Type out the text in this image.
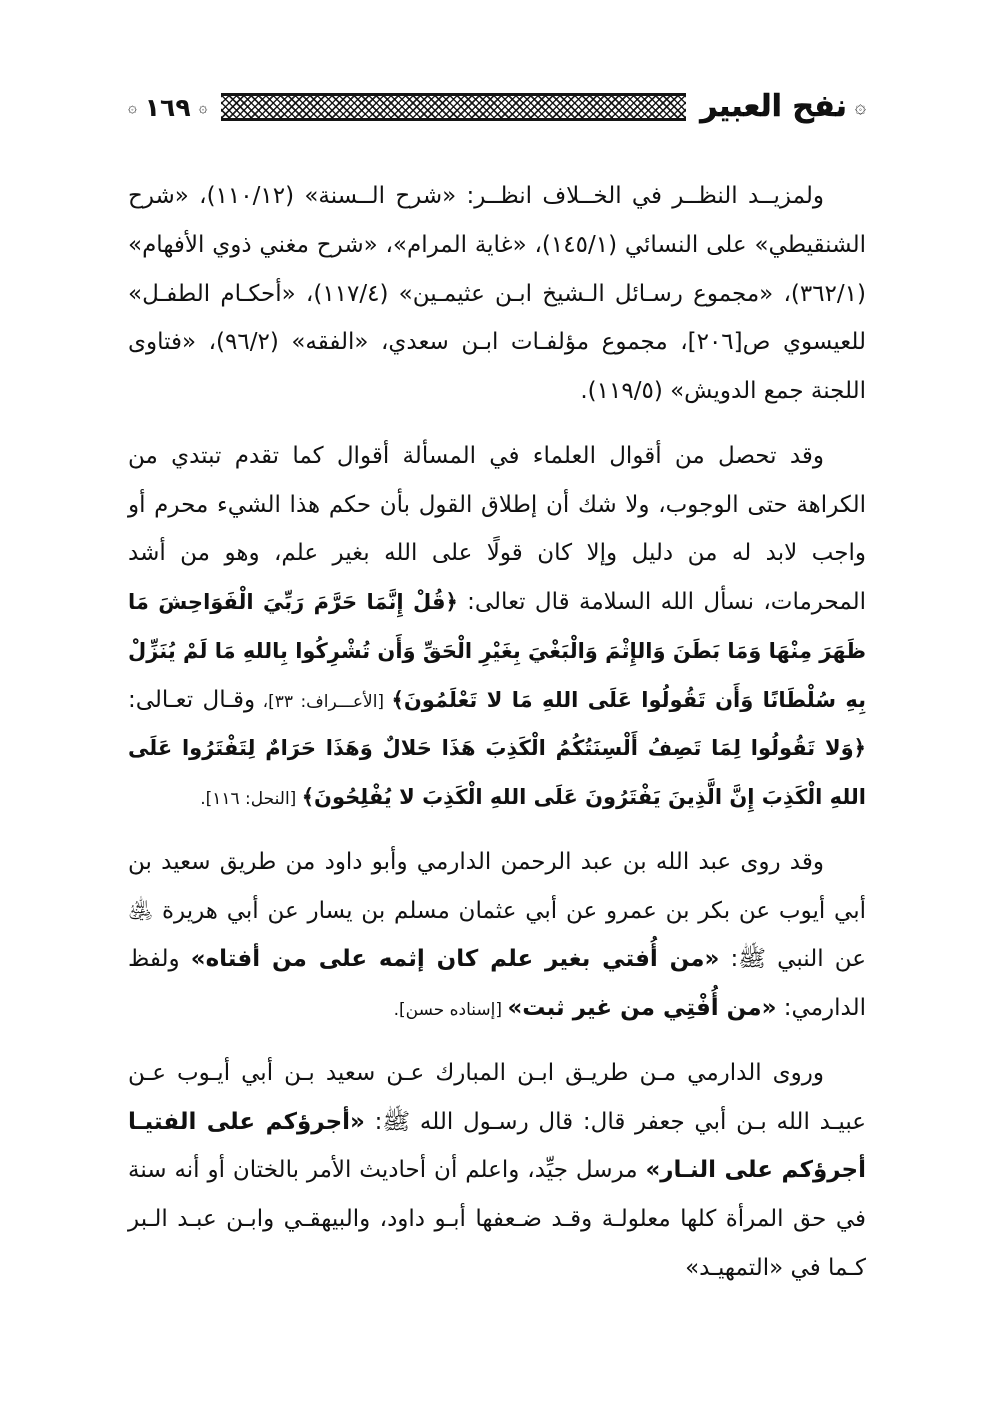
۞
نفح العبير
۞
١٦٩
۞

ولمزيــد النظــر في الخــلاف انظــر: «شرح الــسنة» (١١٠/١٢)، «شرح الشنقيطي» على النسائي (١٤٥/١)، «غاية المرام»، «شرح مغني ذوي الأفهام» (٣٦٢/١)، «مجموع رسـائل الـشيخ ابـن عثيمـين» (١١٧/٤)، «أحكـام الطفـل» للعيسوي ص[٢٠٦]، مجموع مؤلفـات ابـن سعدي، «الفقه» (٩٦/٢)، «فتاوى اللجنة جمع الدويش» (١١٩/٥).

وقد تحصل من أقوال العلماء في المسألة أقوال كما تقدم تبتدي من الكراهة حتى الوجوب، ولا شك أن إطلاق القول بأن حكم هذا الشيء محرم أو واجب لابد له من دليل وإلا كان قولًا على الله بغير علم، وهو من أشد المحرمات، نسأل الله السلامة قال تعالى: ﴿قُلْ إِنَّمَا حَرَّمَ رَبِّيَ الْفَوَاحِشَ مَا ظَهَرَ مِنْهَا وَمَا بَطَنَ وَالإِثْمَ وَالْبَغْيَ بِغَيْرِ الْحَقِّ وَأَن تُشْرِكُوا بِاللهِ مَا لَمْ يُنَزِّلْ بِهِ سُلْطَانًا وَأَن تَقُولُوا عَلَى اللهِ مَا لا تَعْلَمُونَ﴾ [الأعـــراف: ٣٣]، وقـال تعـالى: ﴿وَلا تَقُولُوا لِمَا تَصِفُ أَلْسِنَتُكُمُ الْكَذِبَ هَذَا حَلالٌ وَهَذَا حَرَامٌ لِتَفْتَرُوا عَلَى اللهِ الْكَذِبَ إِنَّ الَّذِينَ يَفْتَرُونَ عَلَى اللهِ الْكَذِبَ لا يُفْلِحُونَ﴾ [النحل: ١١٦].

وقد روى عبد الله بن عبد الرحمن الدارمي وأبو داود من طريق سعيد بن أبي أيوب عن بكر بن عمرو عن أبي عثمان مسلم بن يسار عن أبي هريرة ﵁ عن النبي ﷺ: «من أُفتي بغير علم كان إثمه على من أفتاه» ولفظ الدارمي: «من أُفْتِي من غير ثبت» [إسناده حسن].

وروى الدارمي مـن طريـق ابـن المبارك عـن سعيد بـن أبي أيـوب عـن عبيـد الله بـن أبي جعفر قال: قال رسـول الله ﷺ: «أجرؤكم على الفتيـا أجرؤكم على النـار» مرسل جيِّد، واعلم أن أحاديث الأمر بالختان أو أنه سنة في حق المرأة كلها معلولـة وقـد ضـعفها أبـو داود، والبيهقـي وابـن عبـد الـبر كـما في «التمهيـد»
